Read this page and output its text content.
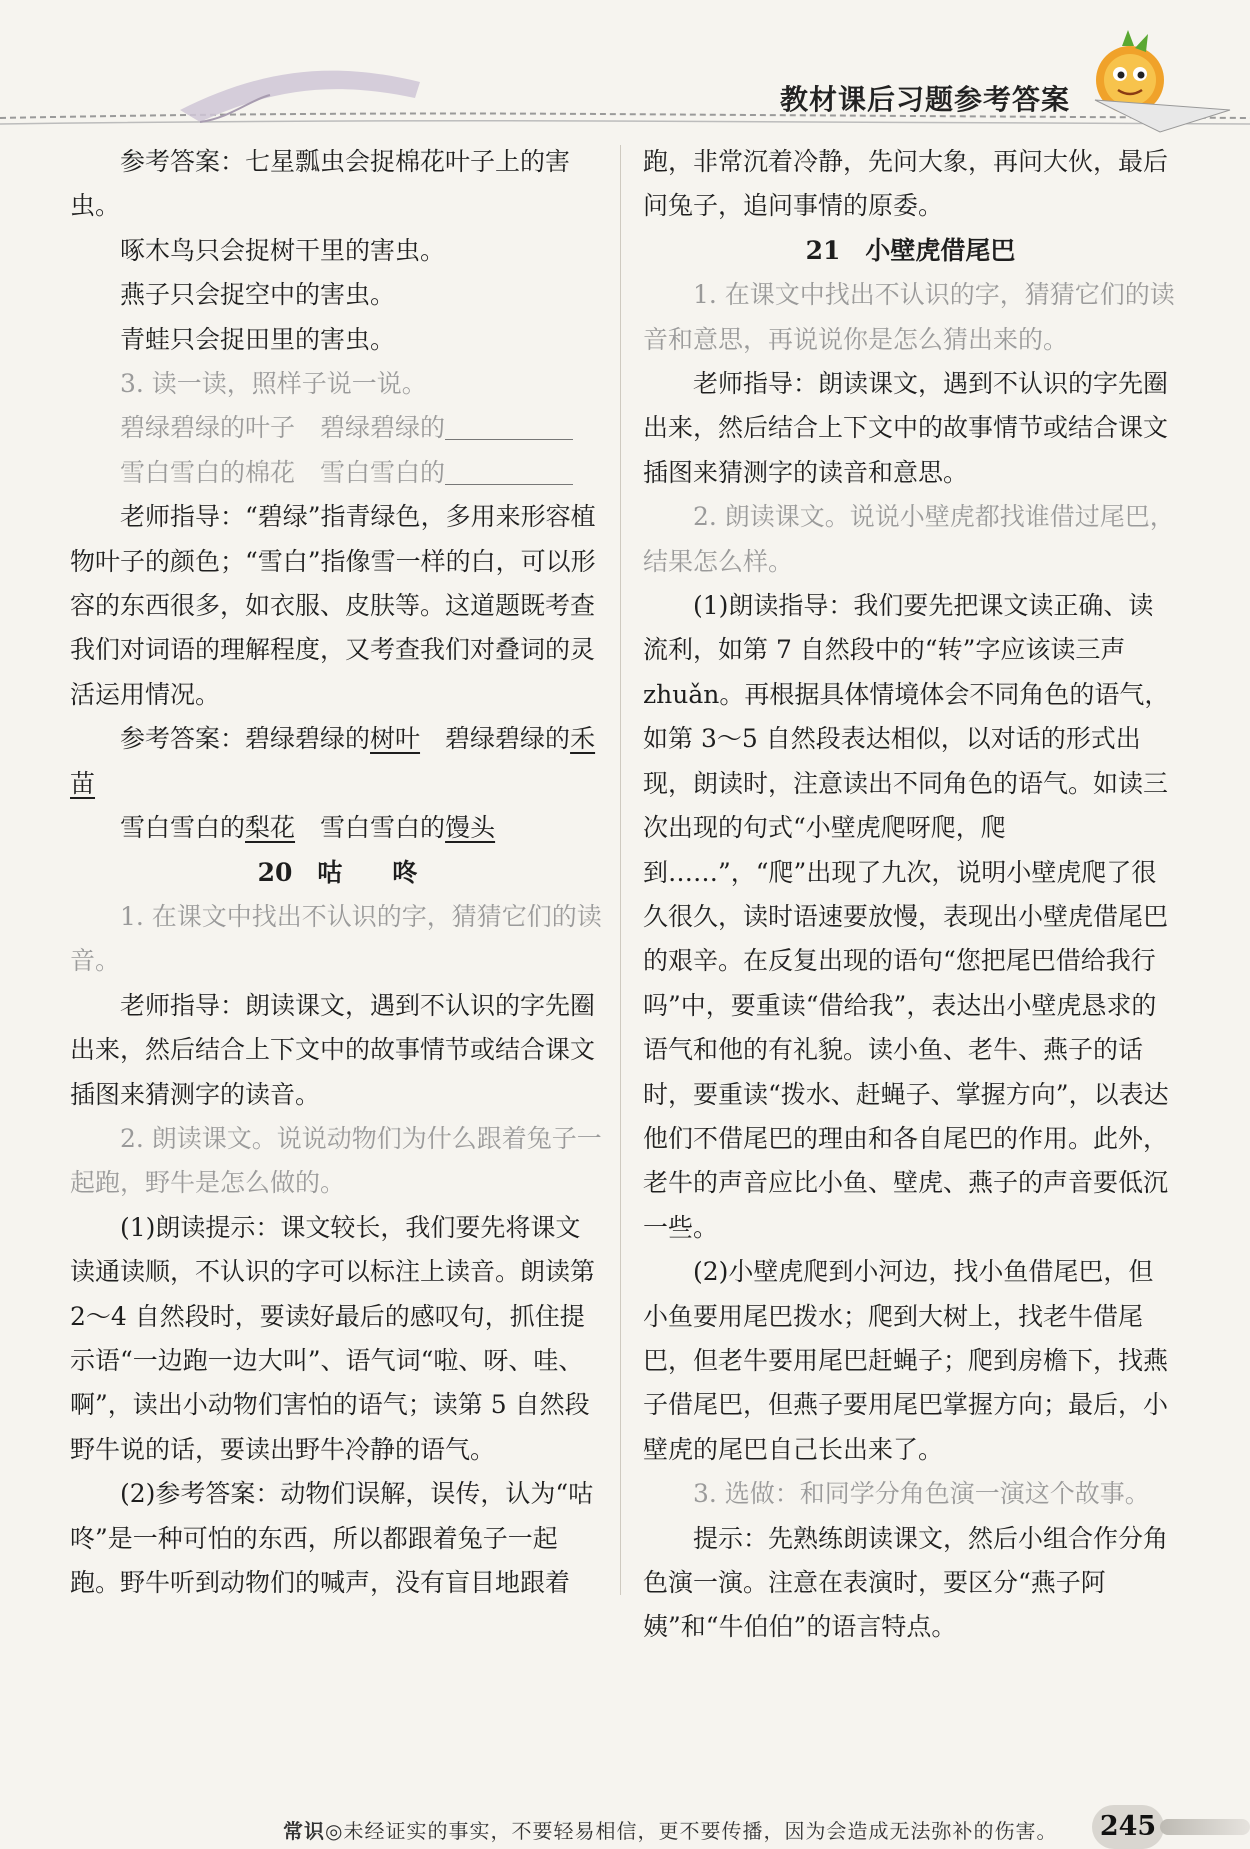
教材课后习题参考答案

参考答案：七星瓢虫会捉棉花叶子上的害虫。

啄木鸟只会捉树干里的害虫。

燕子只会捉空中的害虫。

青蛙只会捉田里的害虫。

3. 读一读，照样子说一说。

碧绿碧绿的叶子　 碧绿碧绿的

雪白雪白的棉花　 雪白雪白的

老师指导：“碧绿”指青绿色，多用来形容植物叶子的颜色；“雪白”指像雪一样的白，可以形容的东西很多，如衣服、皮肤等。这道题既考查我们对词语的理解程度，又考查我们对叠词的灵活运用情况。

参考答案：碧绿碧绿的树叶　 碧绿碧绿的禾苗

雪白雪白的梨花　 雪白雪白的馒头

20　咕　　咚

1. 在课文中找出不认识的字，猜猜它们的读音。

老师指导：朗读课文，遇到不认识的字先圈出来，然后结合上下文中的故事情节或结合课文插图来猜测字的读音。

2. 朗读课文。说说动物们为什么跟着兔子一起跑，野牛是怎么做的。

(1)朗读提示：课文较长，我们要先将课文读通读顺，不认识的字可以标注上读音。朗读第 2～4 自然段时，要读好最后的感叹句，抓住提示语“一边跑一边大叫”、语气词“啦、呀、哇、啊”，读出小动物们害怕的语气；读第 5 自然段野牛说的话，要读出野牛冷静的语气。

(2)参考答案：动物们误解，误传，认为“咕咚”是一种可怕的东西，所以都跟着兔子一起跑。野牛听到动物们的喊声，没有盲目地跟着

跑，非常沉着冷静，先问大象，再问大伙，最后问兔子，追问事情的原委。

21　小壁虎借尾巴

1. 在课文中找出不认识的字，猜猜它们的读音和意思，再说说你是怎么猜出来的。

老师指导：朗读课文，遇到不认识的字先圈出来，然后结合上下文中的故事情节或结合课文插图来猜测字的读音和意思。

2. 朗读课文。说说小壁虎都找谁借过尾巴，结果怎么样。

(1)朗读指导：我们要先把课文读正确、读流利，如第 7 自然段中的“转”字应该读三声 zhuǎn。再根据具体情境体会不同角色的语气，如第 3～5 自然段表达相似，以对话的形式出现，朗读时，注意读出不同角色的语气。如读三次出现的句式“小壁虎爬呀爬，爬到……”，“爬”出现了九次，说明小壁虎爬了很久很久，读时语速要放慢，表现出小壁虎借尾巴的艰辛。在反复出现的语句“您把尾巴借给我行吗”中，要重读“借给我”，表达出小壁虎恳求的语气和他的有礼貌。读小鱼、老牛、燕子的话时，要重读“拨水、赶蝇子、掌握方向”，以表达他们不借尾巴的理由和各自尾巴的作用。此外，老牛的声音应比小鱼、壁虎、燕子的声音要低沉一些。

(2)小壁虎爬到小河边，找小鱼借尾巴，但小鱼要用尾巴拨水；爬到大树上，找老牛借尾巴，但老牛要用尾巴赶蝇子；爬到房檐下，找燕子借尾巴，但燕子要用尾巴掌握方向；最后，小壁虎的尾巴自己长出来了。

3. 选做：和同学分角色演一演这个故事。

提示：先熟练朗读课文，然后小组合作分角色演一演。注意在表演时，要区分“燕子阿姨”和“牛伯伯”的语言特点。

常识◎未经证实的事实，不要轻易相信，更不要传播，因为会造成无法弥补的伤害。 245
